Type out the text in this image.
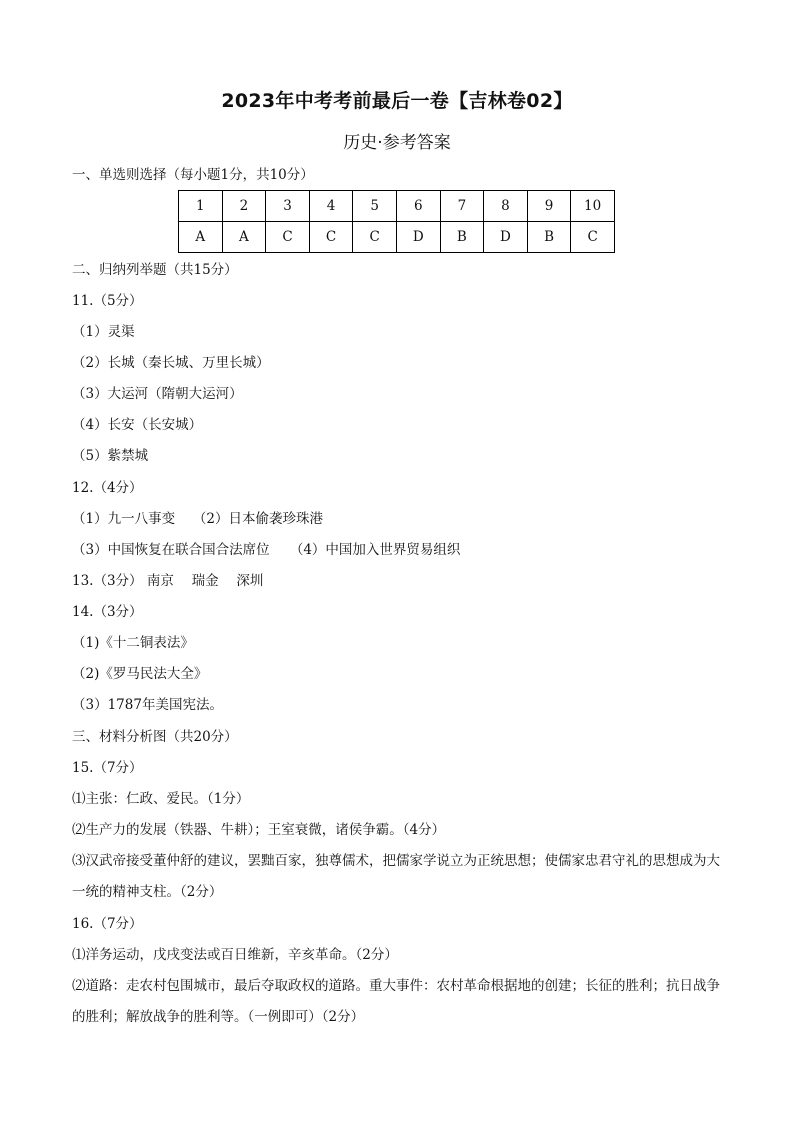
2023年中考考前最后一卷【吉林卷02】
历史·参考答案
一、单选则选择（每小题1分，共10分）
1	2	3	4	5	6	7	8	9	10
A	A	C	C	C	D	B	D	B	C
二、归纳列举题（共15分）
11.（5分）
（1）灵渠
（2）长城（秦长城、万里长城）
（3）大运河（隋朝大运河）
（4）长安（长安城）
（5）紫禁城
12.（4分）
（1）九一八事变　 （2）日本偷袭珍珠港
（3）中国恢复在联合国合法席位　　（4）中国加入世界贸易组织
13.（3分） 南京　 瑞金　 深圳
14.（3分）
（1)《十二铜表法》
（2)《罗马民法大全》
（3）1787年美国宪法。
三、材料分析图（共20分）
15.（7分）
⑴主张：仁政、爱民。（1分）
⑵生产力的发展（铁器、牛耕）；王室衰微，诸侯争霸。（4分）
⑶汉武帝接受董仲舒的建议，罢黜百家，独尊儒术，把儒家学说立为正统思想；使儒家忠君守礼的思想成为大一统的精神支柱。（2分）
16.（7分）
⑴洋务运动，戊戌变法或百日维新，辛亥革命。（2分）
⑵道路：走农村包围城市，最后夺取政权的道路。重大事件：农村革命根据地的创建；长征的胜利；抗日战争的胜利；解放战争的胜利等。（一例即可）（2分）
